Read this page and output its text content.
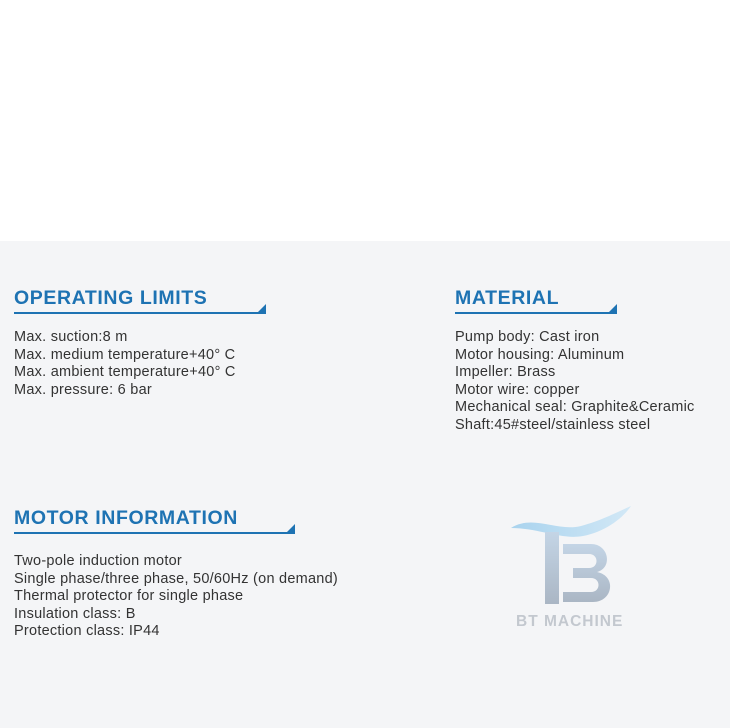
OPERATING LIMITS
Max. suction:8 m
Max. medium temperature+40° C
Max. ambient temperature+40° C
Max. pressure: 6 bar
MATERIAL
Pump body: Cast iron
Motor housing: Aluminum
Impeller: Brass
Motor wire: copper
Mechanical seal: Graphite&Ceramic
Shaft:45#steel/stainless steel
MOTOR INFORMATION
Two-pole induction motor
Single phase/three phase, 50/60Hz (on demand)
Thermal protector for single phase
Insulation class: B
Protection class: IP44
BT MACHINE
